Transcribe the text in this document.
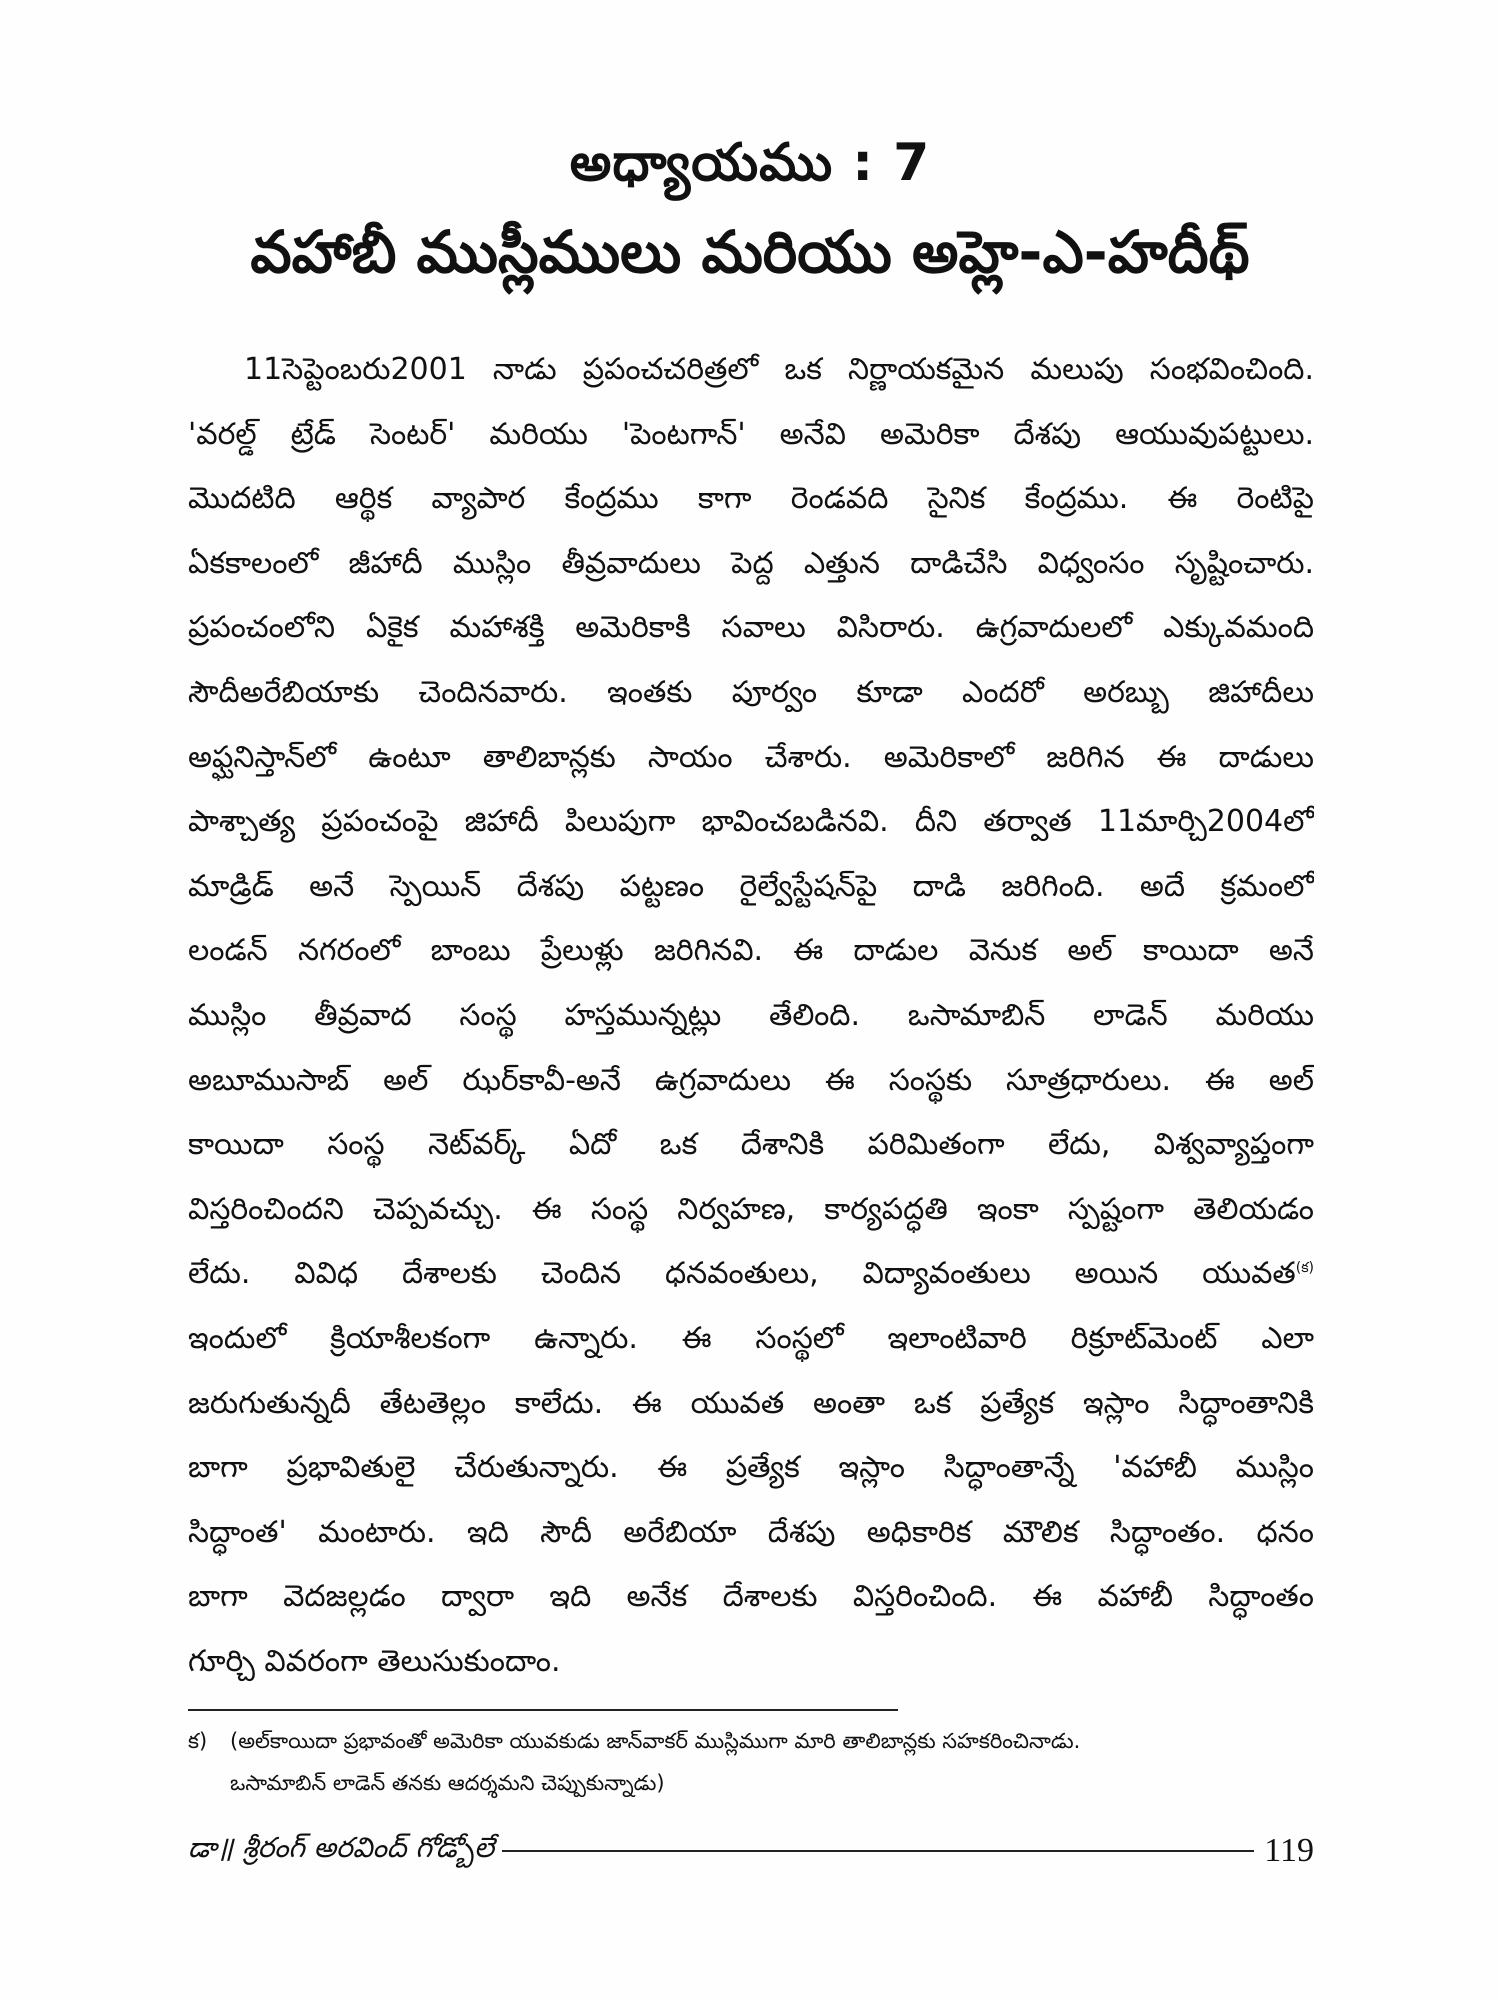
అధ్యాయము : 7
వహాబీ ముస్లీములు మరియు అహ్లె-ఎ-హదీథ్
11సెప్టెంబరు2001 నాడు ప్రపంచచరిత్రలో ఒక నిర్ణాయకమైన మలుపు సంభవించింది.
'వరల్డ్ ట్రేడ్ సెంటర్' మరియు 'పెంటగాన్' అనేవి అమెరికా దేశపు ఆయువుపట్టులు.
మొదటిది ఆర్థిక వ్యాపార కేంద్రము కాగా రెండవది సైనిక కేంద్రము. ఈ రెంటిపై
ఏకకాలంలో జీహాదీ ముస్లిం తీవ్రవాదులు పెద్ద ఎత్తున దాడిచేసి విధ్వంసం సృష్టించారు.
ప్రపంచంలోని ఏకైక మహాశక్తి అమెరికాకి సవాలు విసిరారు. ఉగ్రవాదులలో ఎక్కువమంది
సౌదీఅరేబియాకు చెందినవారు. ఇంతకు పూర్వం కూడా ఎందరో అరబ్బు జిహాదీలు
అఫ్ఘనిస్తాన్‌లో ఉంటూ తాలిబాన్లకు సాయం చేశారు. అమెరికాలో జరిగిన ఈ దాడులు
పాశ్చాత్య ప్రపంచంపై జిహాదీ పిలుపుగా భావించబడినవి. దీని తర్వాత 11మార్చి2004లో
మాడ్రిడ్ అనే స్పెయిన్ దేశపు పట్టణం రైల్వేస్టేషన్‌పై దాడి జరిగింది. అదే క్రమంలో
లండన్ నగరంలో బాంబు ప్రేలుళ్లు జరిగినవి. ఈ దాడుల వెనుక అల్ కాయిదా అనే
ముస్లిం తీవ్రవాద సంస్థ హస్తమున్నట్లు తేలింది. ఒసామాబిన్ లాడెన్ మరియు
అబూముసాబ్ అల్ ఝర్‌కావీ-అనే ఉగ్రవాదులు ఈ సంస్థకు సూత్రధారులు. ఈ అల్
కాయిదా సంస్థ నెట్‌వర్క్ ఏదో ఒక దేశానికి పరిమితంగా లేదు, విశ్వవ్యాప్తంగా
విస్తరించిందని చెప్పవచ్చు. ఈ సంస్థ నిర్వహణ, కార్యపద్ధతి ఇంకా స్పష్టంగా తెలియడం
లేదు. వివిధ దేశాలకు చెందిన ధనవంతులు, విద్యావంతులు అయిన యువత$^{(క)}$
ఇందులో క్రియాశీలకంగా ఉన్నారు. ఈ సంస్థలో ఇలాంటివారి రిక్రూట్‌మెంట్ ఎలా
జరుగుతున్నదీ తేటతెల్లం కాలేదు. ఈ యువత అంతా ఒక ప్రత్యేక ఇస్లాం సిద్ధాంతానికి
బాగా ప్రభావితులై చేరుతున్నారు. ఈ ప్రత్యేక ఇస్లాం సిద్ధాంతాన్నే 'వహాబీ ముస్లిం
సిద్ధాంత' మంటారు. ఇది సౌదీ అరేబియా దేశపు అధికారిక మౌలిక సిద్ధాంతం. ధనం
బాగా వెదజల్లడం ద్వారా ఇది అనేక దేశాలకు విస్తరించింది. ఈ వహాబీ సిద్ధాంతం
గూర్చి వివరంగా తెలుసుకుందాం.
క) (అల్‌కాయిదా ప్రభావంతో అమెరికా యువకుడు జాన్‌వాకర్ ముస్లిముగా మారి తాలిబాన్లకు సహకరించినాడు.
ఒసామాబిన్ లాడెన్ తనకు ఆదర్శమని చెప్పుకున్నాడు)
డా॥ శ్రీరంగ్ అరవింద్ గోడ్బోలే	119
